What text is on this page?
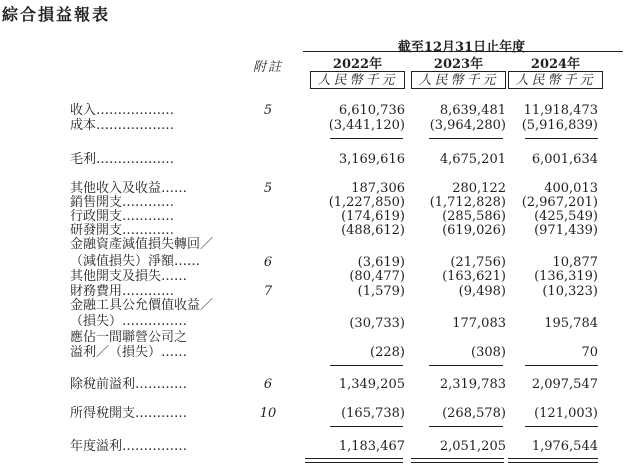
綜合損益報表
截至12月31日止年度
附註	2022年	2023年	2024年
人民幣千元	人民幣千元	人民幣千元
收入………………	5	6,610,736	8,639,481 11,918,473
成本………………	(3,441,120) (3,964,280) (5,916,839)
毛利………………	3,169,616	4,675,201 6,001,634
其他收入及收益……	5	187,306	280,122	400,013
銷售開支…………	(1,227,850) (1,712,828) (2,967,201)
行政開支…………	(174,619)	(285,586) (425,549)
研發開支…………	(488,612)	(619,026) (971,439)
金融資產減值損失轉回／
（減值損失）淨額……	6	(3,619)	(21,756)	10,877
其他開支及損失……	(80,477)	(163,621) (136,319)
財務費用…………	7	(1,579)	(9,498)	(10,323)
金融工具公允價值收益／
（損失）……………	(30,733)	177,083	195,784
應佔一間聯營公司之
溢利／（損失）……	(228)	(308)	70
除稅前溢利…………	6	1,349,205	2,319,783 2,097,547
所得稅開支…………	10	(165,738)	(268,578) (121,003)
年度溢利……………	1,183,467	2,051,205 1,976,544
